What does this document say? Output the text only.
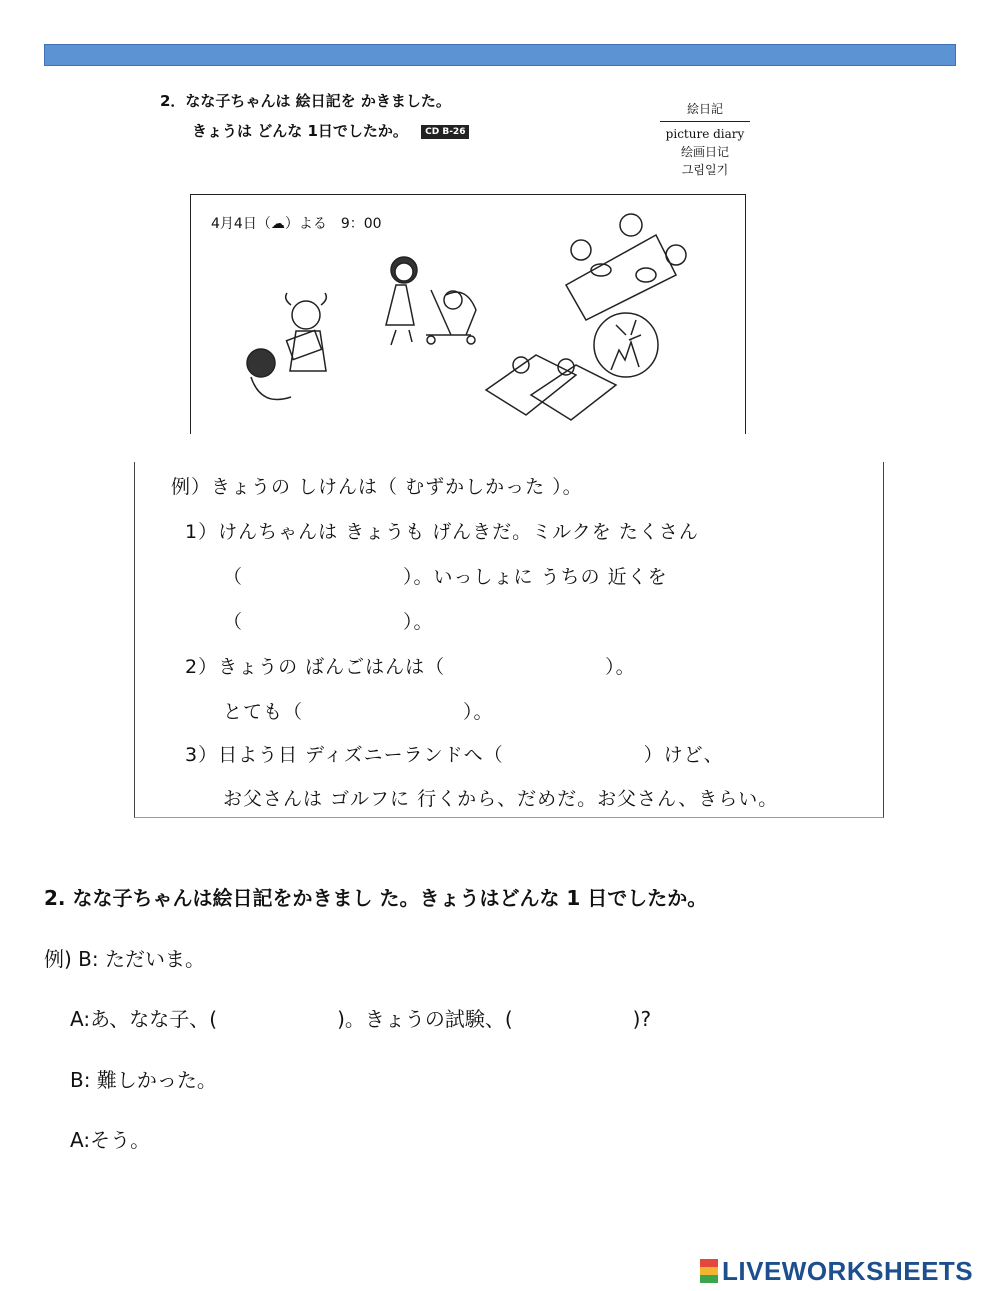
2．なな子ちゃんは 絵日記を かきました。
きょうは どんな 1日でしたか。 CD B-26
絵日記
picture diary
绘画日记
그림일기
4月4日（☁）よる　9：00
例）きょうの しけんは（ むずかしかった ）。
1）けんちゃんは きょうも げんきだ。ミルクを たくさん
（　　　　　　　　）。いっしょに うちの 近くを
（　　　　　　　　）。
2）きょうの ばんごはんは（　　　　　　　　）。
とても（　　　　　　　　）。
3）日よう日 ディズニーランドへ（　　　　　　　）けど、
お父さんは ゴルフに 行くから、だめだ。お父さん、きらい。
2. なな子ちゃんは絵日記をかきまし た。きょうはどんな 1 日でしたか。
例) B: ただいま。
A:あ、なな子、(　　　　　　)。きょうの試験、(　　　　　　)?
B: 難しかった。
A:そう。
LIVEWORKSHEETS
